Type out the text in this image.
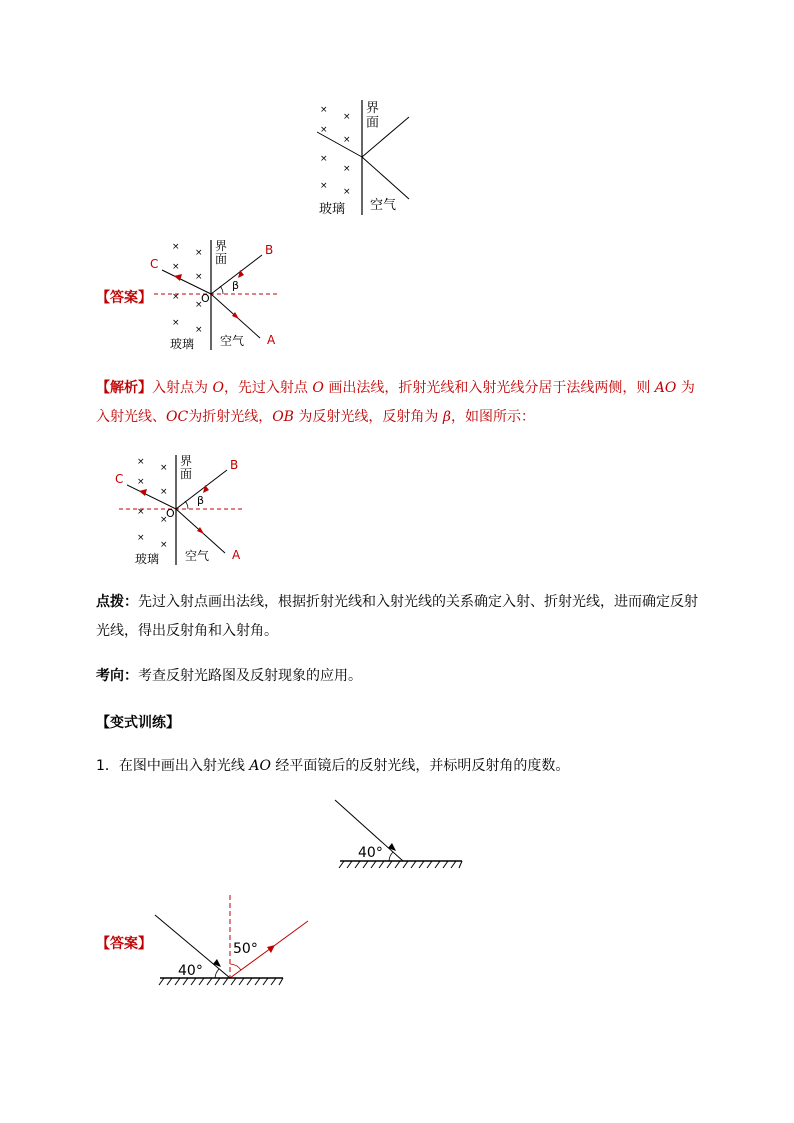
×
×
×
×
×
×
×
×
界面
玻璃 空气
【答案】
×
×
×
×
×
×
×
×
界面
C
B
O
A
β
玻璃 空气
【解析】入射点为 O，先过入射点 O 画出法线，折射光线和入射光线分居于法线两侧，则 AO 为入射光线、OC为折射光线，OB 为反射光线，反射角为 β，如图所示：
×
×
×
×
×
×
×
×
界面
C
B
O
A
β
玻璃 空气
点拨：先过入射点画出法线，根据折射光线和入射光线的关系确定入射、折射光线，进而确定反射光线，得出反射角和入射角。
考向：考查反射光路图及反射现象的应用。
【变式训练】
1．在图中画出入射光线 AO 经平面镜后的反射光线，并标明反射角的度数。
40°
【答案】
40°
50°
